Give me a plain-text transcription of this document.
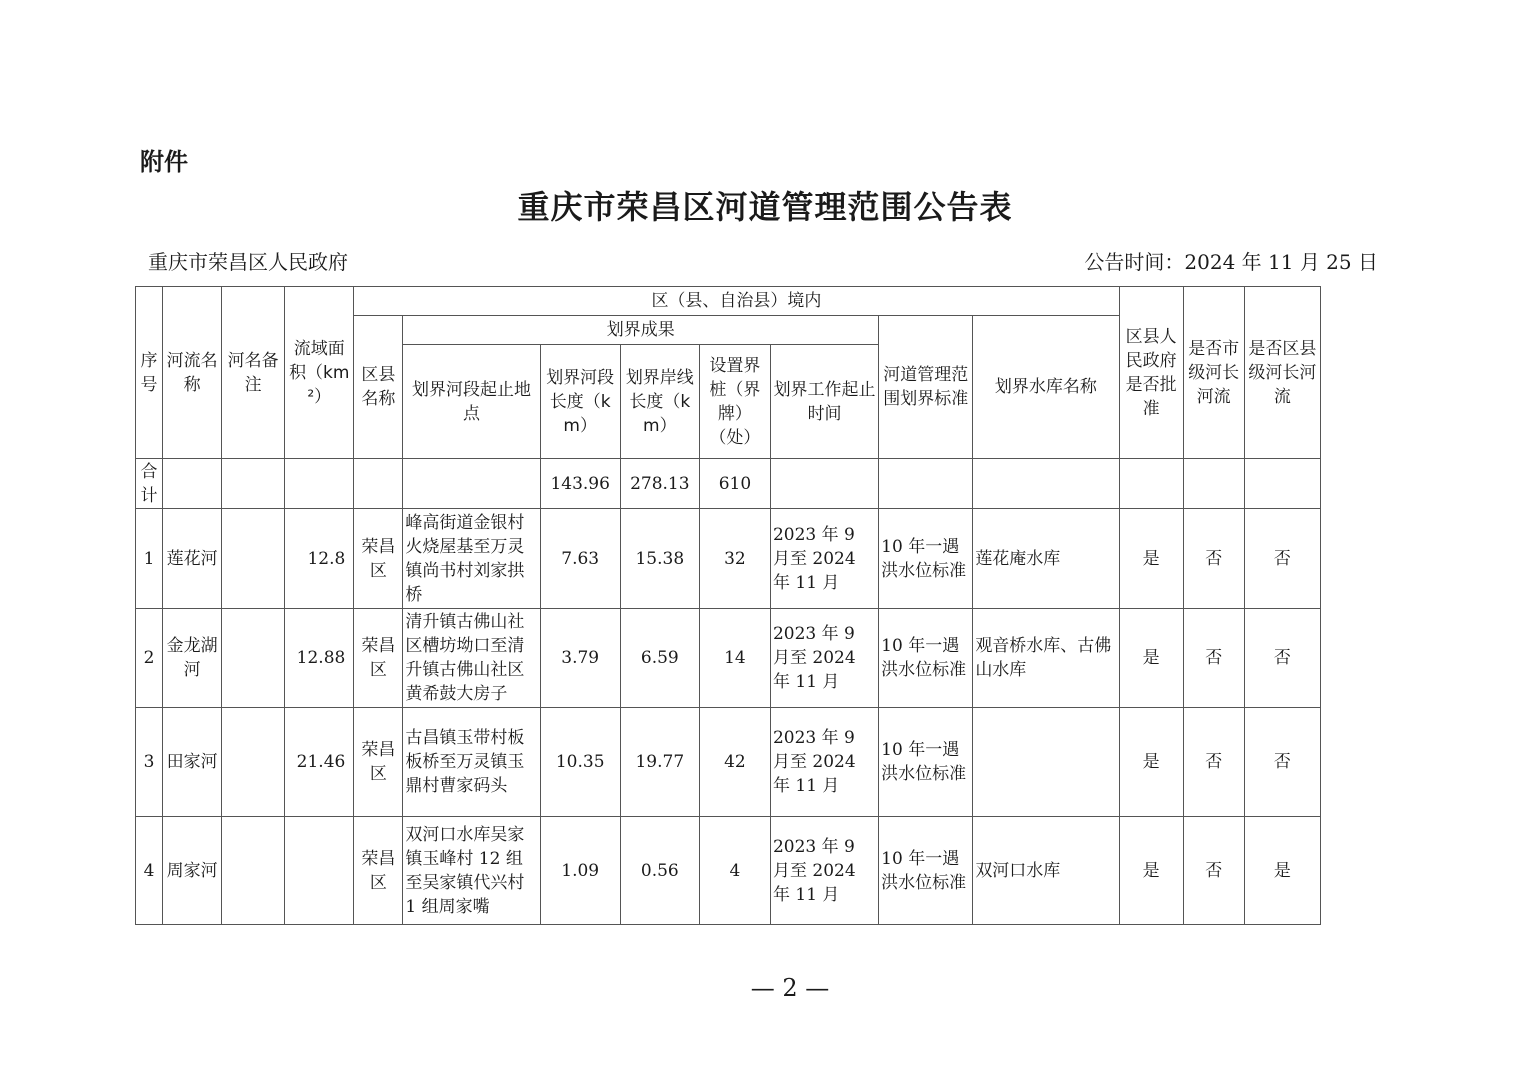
附件
重庆市荣昌区河道管理范围公告表
重庆市荣昌区人民政府	公告时间：2024 年 11 月 25 日
序号	河流名称	河名备注	流域面积（km²）	区（县、自治县）境内								区县人民政府是否批准	是否市级河长河流	是否区县级河长河流
				区县名称	划界成果					河道管理范围划界标准	划界水库名称			
					划界河段起止地点	划界河段长度（km）	划界岸线长度（km）	设置界桩（界牌）（处）	划界工作起止时间					
合计						143.96	278.13	610						
1	莲花河		12.8	荣昌区	峰高街道金银村火烧屋基至万灵镇尚书村刘家拱桥	7.63	15.38	32	2023 年 9 月至 2024 年 11 月	10 年一遇洪水位标准	莲花庵水库	是	否	否
2	金龙湖河		12.88	荣昌区	清升镇古佛山社区槽坊坳口至清升镇古佛山社区黄希鼓大房子	3.79	6.59	14	2023 年 9 月至 2024 年 11 月	10 年一遇洪水位标准	观音桥水库、古佛山水库	是	否	否
3	田家河		21.46	荣昌区	古昌镇玉带村板板桥至万灵镇玉鼎村曹家码头	10.35	19.77	42	2023 年 9 月至 2024 年 11 月	10 年一遇洪水位标准		是	否	否
4	周家河			荣昌区	双河口水库吴家镇玉峰村 12 组至吴家镇代兴村 1 组周家嘴	1.09	0.56	4	2023 年 9 月至 2024 年 11 月	10 年一遇洪水位标准	双河口水库	是	否	是
— 2 —
